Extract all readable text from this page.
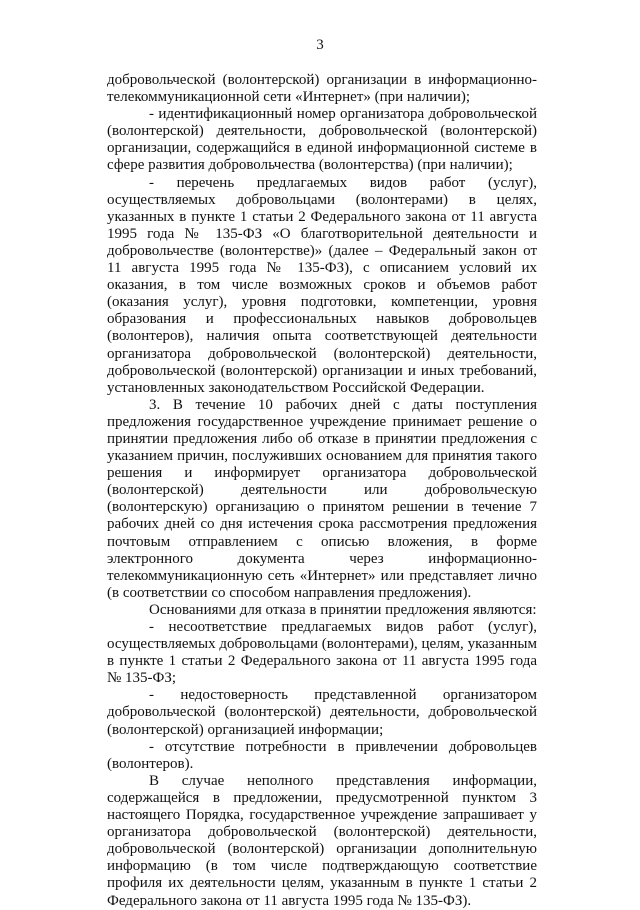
3

добровольческой (волонтерской) организации в информационно-телекоммуникационной сети «Интернет» (при наличии);

- идентификационный номер организатора добровольческой (волонтерской) деятельности, добровольческой (волонтерской) организации, содержащийся в единой информационной системе в сфере развития добровольчества (волонтерства) (при наличии);

- перечень предлагаемых видов работ (услуг), осуществляемых добровольцами (волонтерами) в целях, указанных в пункте 1 статьи 2 Федерального закона от 11 августа 1995 года № 135-ФЗ «О благотворительной деятельности и добровольчестве (волонтерстве)» (далее – Федеральный закон от 11 августа 1995 года № 135-ФЗ), с описанием условий их оказания, в том числе возможных сроков и объемов работ (оказания услуг), уровня подготовки, компетенции, уровня образования и профессиональных навыков добровольцев (волонтеров), наличия опыта соответствующей деятельности организатора добровольческой (волонтерской) деятельности, добровольческой (волонтерской) организации и иных требований, установленных законодательством Российской Федерации.

3. В течение 10 рабочих дней с даты поступления предложения государственное учреждение принимает решение о принятии предложения либо об отказе в принятии предложения с указанием причин, послуживших основанием для принятия такого решения и информирует организатора добровольческой (волонтерской) деятельности или добровольческую (волонтерскую) организацию о принятом решении в течение 7 рабочих дней со дня истечения срока рассмотрения предложения почтовым отправлением с описью вложения, в форме электронного документа через информационно-телекоммуникационную сеть «Интернет» или представляет лично (в соответствии со способом направления предложения).

Основаниями для отказа в принятии предложения являются:

- несоответствие предлагаемых видов работ (услуг), осуществляемых добровольцами (волонтерами), целям, указанным в пункте 1 статьи 2 Федерального закона от 11 августа 1995 года № 135-ФЗ;

- недостоверность представленной организатором добровольческой (волонтерской) деятельности, добровольческой (волонтерской) организацией информации;

- отсутствие потребности в привлечении добровольцев (волонтеров).

В случае неполного представления информации, содержащейся в предложении, предусмотренной пунктом 3 настоящего Порядка, государственное учреждение запрашивает у организатора добровольческой (волонтерской) деятельности, добровольческой (волонтерской) организации дополнительную информацию (в том числе подтверждающую соответствие профиля их деятельности целям, указанным в пункте 1 статьи 2 Федерального закона от 11 августа 1995 года № 135-ФЗ).
